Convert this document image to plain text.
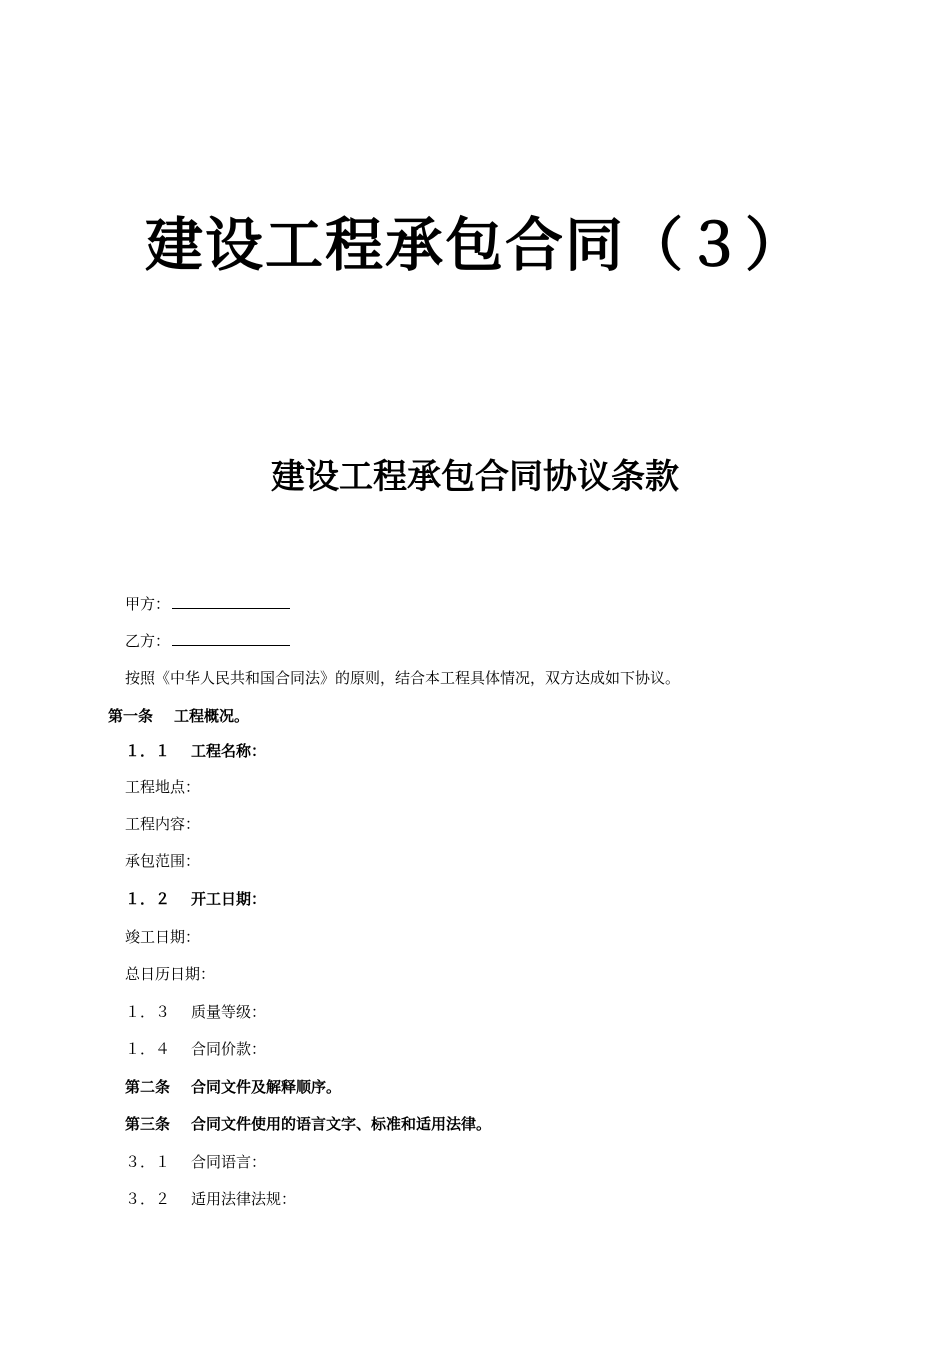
建设工程承包合同（３）
建设工程承包合同协议条款
甲方：
乙方：
按照《中华人民共和国合同法》的原则，结合本工程具体情况，双方达成如下协议。
第一条 工程概况。
１．１ 工程名称：
工程地点：
工程内容：
承包范围：
１．２ 开工日期：
竣工日期：
总日历日期：
１．３ 质量等级：
１．４ 合同价款：
第二条 合同文件及解释顺序。
第三条 合同文件使用的语言文字、标准和适用法律。
３．１ 合同语言：
３．２ 适用法律法规：
